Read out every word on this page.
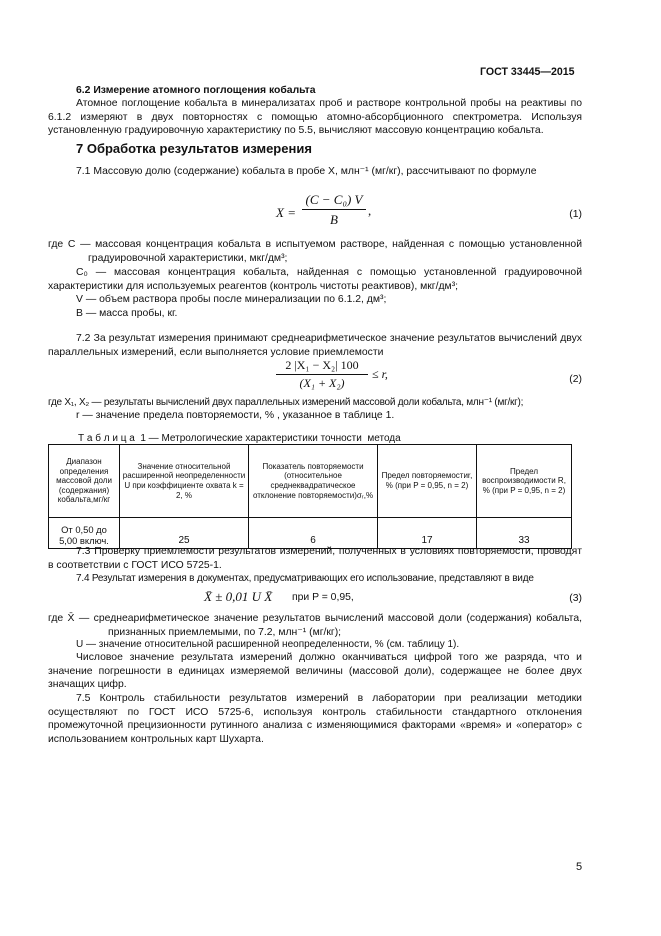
ГОСТ 33445—2015
6.2 Измерение атомного поглощения кобальта
Атомное поглощение кобальта в минерализатах проб и растворе контрольной пробы на реактивы по 6.1.2 измеряют в двух повторностях с помощью атомно-абсорбционного спектрометра. Используя установленную градуировочную характеристику по 5.5, вычисляют массовую концентрацию кобальта.
7 Обработка результатов измерения
7.1 Массовую долю (содержание) кобальта в пробе X, млн⁻¹ (мг/кг), рассчитывают по формуле
X =
(C − C₀) V
B
,	(1)
где C — массовая концентрация кобальта в испытуемом растворе, найденная с помощью установленной градуировочной характеристики, мкг/дм³;
C₀ — массовая концентрация кобальта, найденная с помощью установленной градуировочной характеристики для используемых реагентов (контроль чистоты реактивов), мкг/дм³;
V — объем раствора пробы после минерализации по 6.1.2, дм³;
B — масса пробы, кг.
7.2 За результат измерения принимают среднеарифметическое значение результатов вычислений двух параллельных измерений, если выполняется условие приемлемости
2 |X₁ − X₂| 100
(X₁ + X₂)
≤ r,	(2)
где X₁, X₂ — результаты вычислений двух параллельных измерений массовой доли кобальта, млн⁻¹ (мг/кг);
r — значение предела повторяемости, % , указанное в таблице 1.
Т а б л и ц а  1 — Метрологические характеристики точности  метода
Диапазон определения массовой доли (содержания) кобальта,мг/кг	Значение относительной расширенной неопределенности U при коэффициенте охвата k = 2, %	Показатель повторяемости (относительное среднеквадратическое отклонение повторяемости)σᵣ,%	Предел повторяемостиr, % (при P = 0,95, n = 2)	Предел воспроизводимости R, % (при P = 0,95, n = 2)
От 0,50 до 5,00 включ.	25	6	17	33
7.3 Проверку приемлемости результатов измерений, полученных в условиях повторяемости, проводят в соответствии с ГОСТ ИСО 5725-1.
7.4 Результат измерения в документах, предусматривающих его использование, представляют в виде
X̄ ± 0,01 U X̄ при P = 0,95,	(3)
где X̄ — среднеарифметическое значение результатов вычислений массовой доли (содержания) кобальта, признанных приемлемыми, по 7.2, млн⁻¹ (мг/кг);
U — значение относительной расширенной неопределенности, % (см. таблицу 1).
Числовое значение результата измерений должно оканчиваться цифрой того же разряда, что и значение погрешности в единицах измеряемой величины (массовой доли), содержащее не более двух значащих цифр.
7.5 Контроль стабильности результатов измерений в лаборатории при реализации методики осуществляют по ГОСТ ИСО 5725-6, используя контроль стабильности стандартного отклонения промежуточной прецизионности рутинного анализа с изменяющимися факторами «время» и «оператор» с использованием контрольных карт Шухарта.
5
